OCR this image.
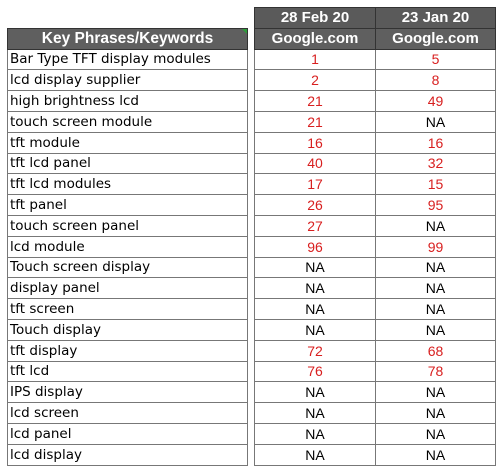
		28 Feb 20	23 Jan 20
Key Phrases/Keywords		Google.com	Google.com
Bar Type TFT display modules		1	5
lcd display supplier		2	8
high brightness lcd		21	49
touch screen module		21	NA
tft module		16	16
tft lcd panel		40	32
tft lcd modules		17	15
tft panel		26	95
touch screen panel		27	NA
lcd module		96	99
Touch screen display		NA	NA
display panel		NA	NA
tft screen		NA	NA
Touch display		NA	NA
tft display		72	68
tft lcd		76	78
IPS display		NA	NA
lcd screen		NA	NA
lcd panel		NA	NA
lcd display		NA	NA
